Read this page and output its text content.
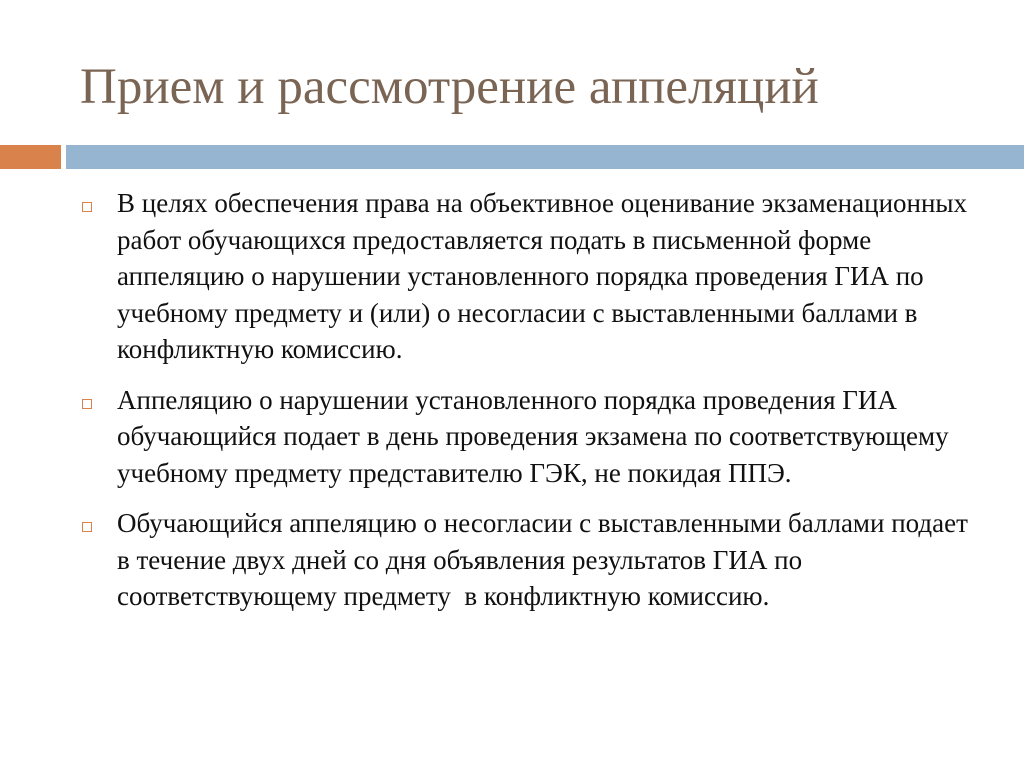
Прием и рассмотрение аппеляций
В целях обеспечения права на объективное оценивание экзаменационных работ обучающихся предоставляется подать в письменной форме аппеляцию о нарушении установленного порядка проведения ГИА по учебному предмету и (или) о несогласии с выставленными баллами в конфликтную комиссию.
Аппеляцию о нарушении установленного порядка проведения ГИА обучающийся подает в день проведения экзамена по соответствующему учебному предмету представителю ГЭК, не покидая ППЭ.
Обучающийся аппеляцию о несогласии с выставленными баллами подает  в течение двух дней со дня объявления результатов ГИА по соответствующему предмету  в конфликтную комиссию.
